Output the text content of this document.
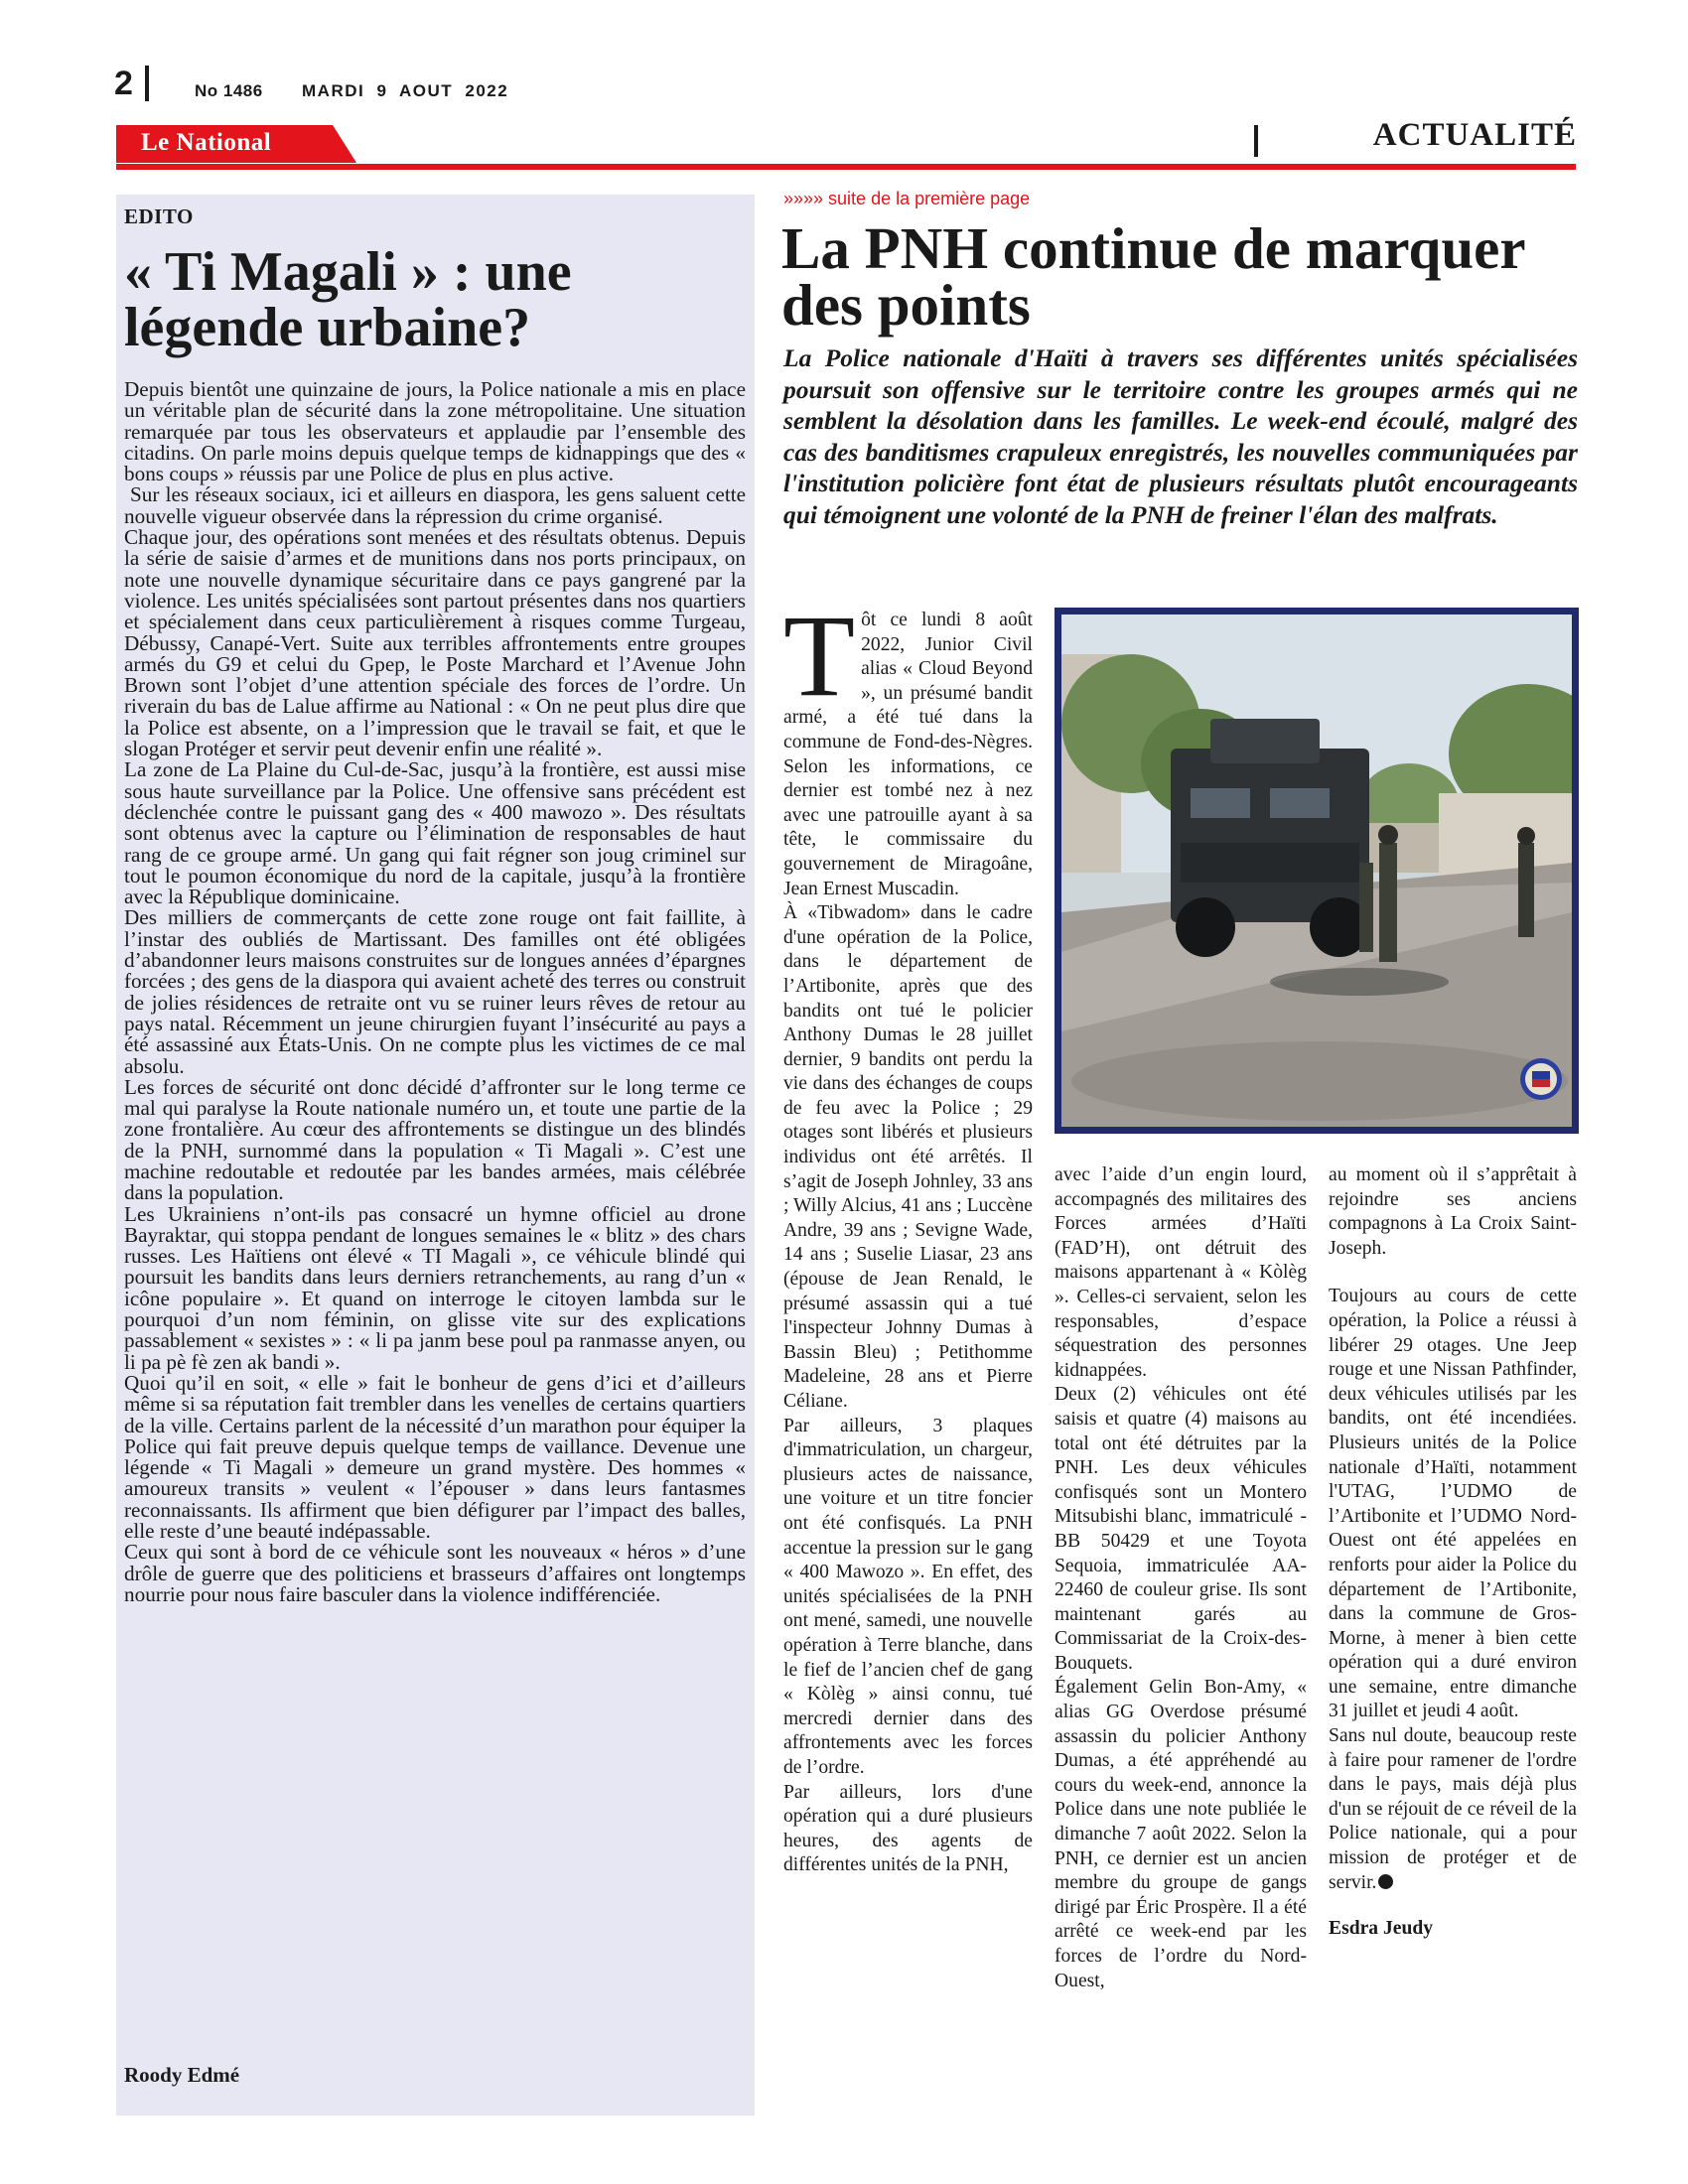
2	No 1486 MARDI 9 AOUT 2022
Le National	ACTUALITÉ
EDITO
« Ti Magali » : une légende urbaine?

Depuis bientôt une quinzaine de jours, la Police nationale a mis en place un véritable plan de sécurité dans la zone métropolitaine. Une situation remarquée par tous les observateurs et applaudie par l’ensemble des citadins. On parle moins depuis quelque temps de kidnappings que des « bons coups » réussis par une Police de plus en plus active.

Sur les réseaux sociaux, ici et ailleurs en diaspora, les gens saluent cette nouvelle vigueur observée dans la répression du crime organisé.

Chaque jour, des opérations sont menées et des résultats obtenus. Depuis la série de saisie d’armes et de munitions dans nos ports principaux, on note une nouvelle dynamique sécuritaire dans ce pays gangrené par la violence. Les unités spécialisées sont partout présentes dans nos quartiers et spécialement dans ceux particulièrement à risques comme Turgeau, Débussy, Canapé-Vert. Suite aux terribles affrontements entre groupes armés du G9 et celui du Gpep, le Poste Marchard et l’Avenue John Brown sont l’objet d’une attention spéciale des forces de l’ordre. Un riverain du bas de Lalue affirme au National : « On ne peut plus dire que la Police est absente, on a l’impression que le travail se fait, et que le slogan Protéger et servir peut devenir enfin une réalité ».

La zone de La Plaine du Cul-de-Sac, jusqu’à la frontière, est aussi mise sous haute surveillance par la Police. Une offensive sans précédent est déclenchée contre le puissant gang des « 400 mawozo ». Des résultats sont obtenus avec la capture ou l’élimination de responsables de haut rang de ce groupe armé. Un gang qui fait régner son joug criminel sur tout le poumon économique du nord de la capitale, jusqu’à la frontière avec la République dominicaine.

Des milliers de commerçants de cette zone rouge ont fait faillite, à l’instar des oubliés de Martissant. Des familles ont été obligées d’abandonner leurs maisons construites sur de longues années d’épargnes forcées ; des gens de la diaspora qui avaient acheté des terres ou construit de jolies résidences de retraite ont vu se ruiner leurs rêves de retour au pays natal. Récemment un jeune chirurgien fuyant l’insécurité au pays a été assassiné aux États-Unis. On ne compte plus les victimes de ce mal absolu.

Les forces de sécurité ont donc décidé d’affronter sur le long terme ce mal qui paralyse la Route nationale numéro un, et toute une partie de la zone frontalière. Au cœur des affrontements se distingue un des blindés de la PNH, surnommé dans la population « Ti Magali ». C’est une machine redoutable et redoutée par les bandes armées, mais célébrée dans la population.

Les Ukrainiens n’ont-ils pas consacré un hymne officiel au drone Bayraktar, qui stoppa pendant de longues semaines le « blitz » des chars russes. Les Haïtiens ont élevé « TI Magali », ce véhicule blindé qui poursuit les bandits dans leurs derniers retranchements, au rang d’un « icône populaire ». Et quand on interroge le citoyen lambda sur le pourquoi d’un nom féminin, on glisse vite sur des explications passablement « sexistes » : « li pa janm bese poul pa ranmasse anyen, ou li pa pè fè zen ak bandi ».

Quoi qu’il en soit, « elle » fait le bonheur de gens d’ici et d’ailleurs même si sa réputation fait trembler dans les venelles de certains quartiers de la ville. Certains parlent de la nécessité d’un marathon pour équiper la Police qui fait preuve depuis quelque temps de vaillance. Devenue une légende « Ti Magali » demeure un grand mystère. Des hommes « amoureux transits » veulent « l’épouser » dans leurs fantasmes reconnaissants. Ils affirment que bien défigurer par l’impact des balles, elle reste d’une beauté indépassable.

Ceux qui sont à bord de ce véhicule sont les nouveaux « héros » d’une drôle de guerre que des politiciens et brasseurs d’affaires ont longtemps nourrie pour nous faire basculer dans la violence indifférenciée.

Roody Edmé
»»»» suite de la première page
La PNH continue de marquer des points
La Police nationale d'Haïti à travers ses différentes unités spécialisées poursuit son offensive sur le territoire contre les groupes armés qui ne semblent la désolation dans les familles. Le week-end écoulé, malgré des cas des banditismes crapuleux enregistrés, les nouvelles communiquées par l'institution policière font état de plusieurs résultats plutôt encourageants qui témoignent une volonté de la PNH de freiner l'élan des malfrats.

Tôt ce lundi 8 août 2022, Junior Civil alias « Cloud Beyond », un présumé bandit armé, a été tué dans la commune de Fond-des-Nègres. Selon les informations, ce dernier est tombé nez à nez avec une patrouille ayant à sa tête, le commissaire du gouvernement de Miragoâne, Jean Ernest Muscadin.

À «Tibwadom» dans le cadre d'une opération de la Police, dans le département de l’Artibonite, après que des bandits ont tué le policier Anthony Dumas le 28 juillet dernier, 9 bandits ont perdu la vie dans des échanges de coups de feu avec la Police ; 29 otages sont libérés et plusieurs individus ont été arrêtés. Il s’agit de Joseph Johnley, 33 ans ; Willy Alcius, 41 ans ; Luccène Andre, 39 ans ; Sevigne Wade, 14 ans ; Suselie Liasar, 23 ans (épouse de Jean Renald, le présumé assassin qui a tué l'inspecteur Johnny Dumas à Bassin Bleu) ; Petithomme Madeleine, 28 ans et Pierre Céliane.

Par ailleurs, 3 plaques d'immatriculation, un chargeur, plusieurs actes de naissance, une voiture et un titre foncier ont été confisqués. La PNH accentue la pression sur le gang « 400 Mawozo ». En effet, des unités spécialisées de la PNH ont mené, samedi, une nouvelle opération à Terre blanche, dans le fief de l’ancien chef de gang « Kòlèg » ainsi connu, tué mercredi dernier dans des affrontements avec les forces de l’ordre.

Par ailleurs, lors d'une opération qui a duré plusieurs heures, des agents de différentes unités de la PNH,

avec l’aide d’un engin lourd, accompagnés des militaires des Forces armées d’Haïti (FAD’H), ont détruit des maisons appartenant à « Kòlèg ». Celles-ci servaient, selon les responsables, d’espace séquestration des personnes kidnappées.

Deux (2) véhicules ont été saisis et quatre (4) maisons au total ont été détruites par la PNH. Les deux véhicules confisqués sont un Montero Mitsubishi blanc, immatriculé -BB 50429 et une Toyota Sequoia, immatriculée AA-22460 de couleur grise. Ils sont maintenant garés au Commissariat de la Croix-des-Bouquets.

Également Gelin Bon-Amy, « alias GG Overdose présumé assassin du policier Anthony Dumas, a été appréhendé au cours du week-end, annonce la Police dans une note publiée le dimanche 7 août 2022. Selon la PNH, ce dernier est un ancien membre du groupe de gangs dirigé par Éric Prospère. Il a été arrêté ce week-end par les forces de l’ordre du Nord-Ouest,

au moment où il s’apprêtait à rejoindre ses anciens compagnons à La Croix Saint-Joseph.

Toujours au cours de cette opération, la Police a réussi à libérer 29 otages. Une Jeep rouge et une Nissan Pathfinder, deux véhicules utilisés par les bandits, ont été incendiées. Plusieurs unités de la Police nationale d’Haïti, notamment l'UTAG, l’UDMO de l’Artibonite et l’UDMO Nord-Ouest ont été appelées en renforts pour aider la Police du département de l’Artibonite, dans la commune de Gros-Morne, à mener à bien cette opération qui a duré environ une semaine, entre dimanche 31 juillet et jeudi 4 août.

Sans nul doute, beaucoup reste à faire pour ramener de l'ordre dans le pays, mais déjà plus d'un se réjouit de ce réveil de la Police nationale, qui a pour mission de protéger et de servir.

Esdra Jeudy
